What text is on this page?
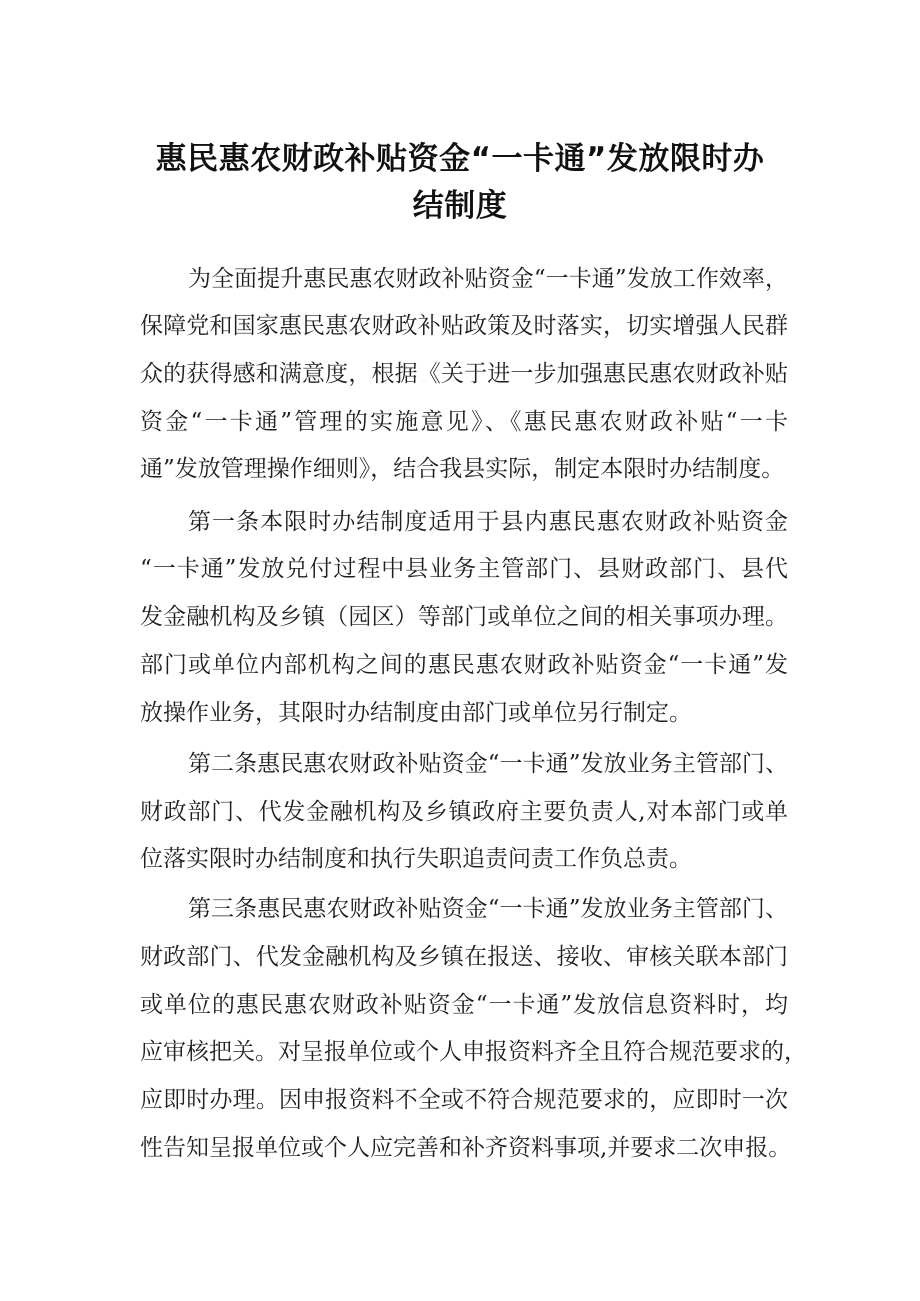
惠民惠农财政补贴资金“一卡通”发放限时办
结制度
为全面提升惠民惠农财政补贴资金“一卡通”发放工作效率，
保障党和国家惠民惠农财政补贴政策及时落实，切实增强人民群
众的获得感和满意度，根据《关于进一步加强惠民惠农财政补贴
资金“一卡通”管理的实施意见》、《惠民惠农财政补贴“一卡
通”发放管理操作细则》，结合我县实际，制定本限时办结制度。
第一条本限时办结制度适用于县内惠民惠农财政补贴资金
“一卡通”发放兑付过程中县业务主管部门、县财政部门、县代
发金融机构及乡镇（园区）等部门或单位之间的相关事项办理。
部门或单位内部机构之间的惠民惠农财政补贴资金“一卡通”发
放操作业务，其限时办结制度由部门或单位另行制定。
第二条惠民惠农财政补贴资金“一卡通”发放业务主管部门、
财政部门、代发金融机构及乡镇政府主要负责人,对本部门或单
位落实限时办结制度和执行失职追责问责工作负总责。
第三条惠民惠农财政补贴资金“一卡通”发放业务主管部门、
财政部门、代发金融机构及乡镇在报送、接收、审核关联本部门
或单位的惠民惠农财政补贴资金“一卡通”发放信息资料时，均
应审核把关。对呈报单位或个人申报资料齐全且符合规范要求的，
应即时办理。因申报资料不全或不符合规范要求的，应即时一次
性告知呈报单位或个人应完善和补齐资料事项,并要求二次申报。
